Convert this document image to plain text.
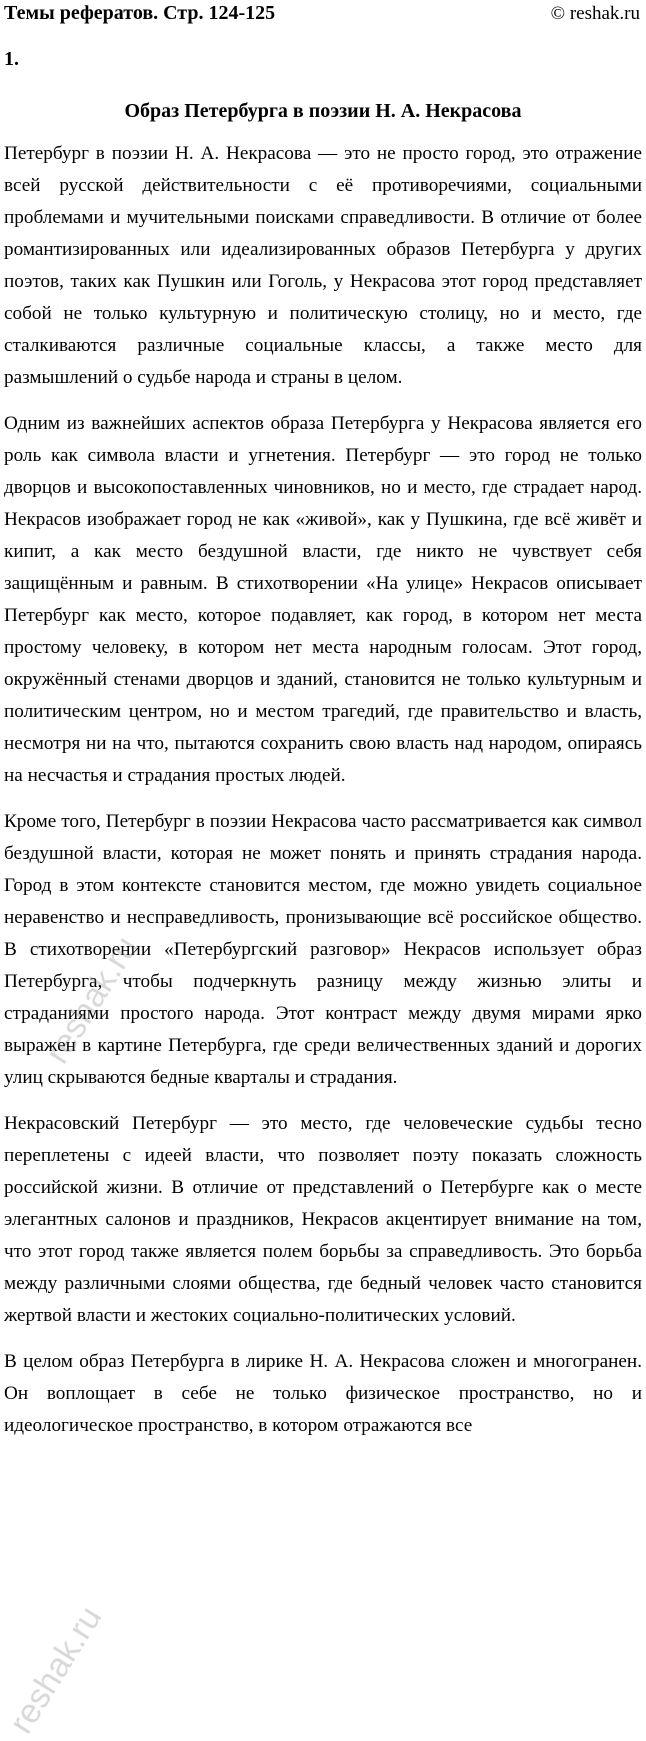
Темы рефератов. Стр. 124-125	© reshak.ru
1.
Образ Петербурга в поэзии Н. А. Некрасова

Петербург в поэзии Н. А. Некрасова — это не просто город, это отражение всей русской действительности с её противоречиями, социальными проблемами и мучительными поисками справедливости. В отличие от более романтизированных или идеализированных образов Петербурга у других поэтов, таких как Пушкин или Гоголь, у Некрасова этот город представляет собой не только культурную и политическую столицу, но и место, где сталкиваются различные социальные классы, а также место для размышлений о судьбе народа и страны в целом.

Одним из важнейших аспектов образа Петербурга у Некрасова является его роль как символа власти и угнетения. Петербург — это город не только дворцов и высокопоставленных чиновников, но и место, где страдает народ. Некрасов изображает город не как «живой», как у Пушкина, где всё живёт и кипит, а как место бездушной власти, где никто не чувствует себя защищённым и равным. В стихотворении «На улице» Некрасов описывает Петербург как место, которое подавляет, как город, в котором нет места простому человеку, в котором нет места народным голосам. Этот город, окружённый стенами дворцов и зданий, становится не только культурным и политическим центром, но и местом трагедий, где правительство и власть, несмотря ни на что, пытаются сохранить свою власть над народом, опираясь на несчастья и страдания простых людей.

Кроме того, Петербург в поэзии Некрасова часто рассматривается как символ бездушной власти, которая не может понять и принять страдания народа. Город в этом контексте становится местом, где можно увидеть социальное неравенство и несправедливость, пронизывающие всё российское общество. В стихотворении «Петербургский разговор» Некрасов использует образ Петербурга, чтобы подчеркнуть разницу между жизнью элиты и страданиями простого народа. Этот контраст между двумя мирами ярко выражен в картине Петербурга, где среди величественных зданий и дорогих улиц скрываются бедные кварталы и страдания.

Некрасовский Петербург — это место, где человеческие судьбы тесно переплетены с идеей власти, что позволяет поэту показать сложность российской жизни. В отличие от представлений о Петербурге как о месте элегантных салонов и праздников, Некрасов акцентирует внимание на том, что этот город также является полем борьбы за справедливость. Это борьба между различными слоями общества, где бедный человек часто становится жертвой власти и жестоких социально-политических условий.

В целом образ Петербурга в лирике Н. А. Некрасова сложен и многогранен. Он воплощает в себе не только физическое пространство, но и идеологическое пространство, в котором отражаются все

reshak.ru
reshak.ru
